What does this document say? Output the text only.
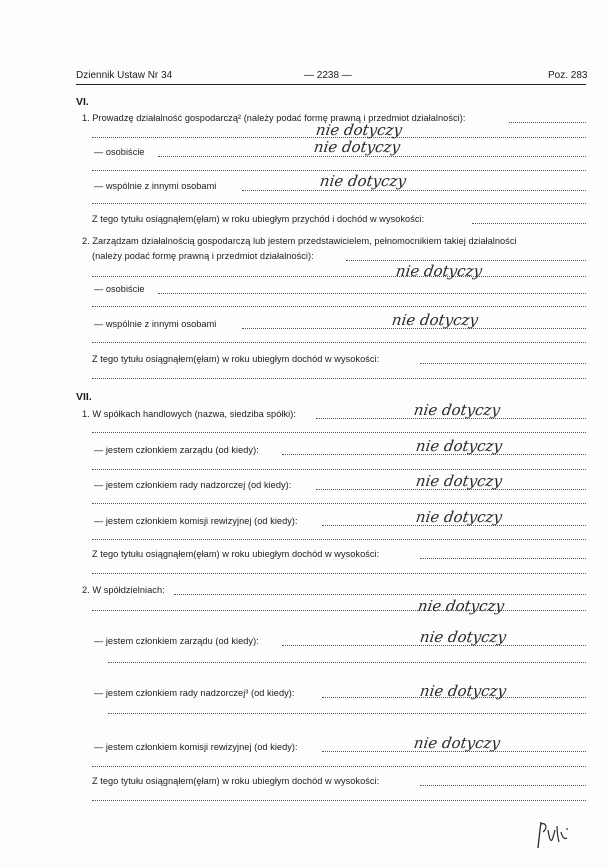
Dziennik Ustaw Nr 34	— 2238 —	Poz. 283
VI.
1. Prowadzę działalność gospodarczą² (należy podać formę prawną i przedmiot działalności):
nie dotyczy
— osobiście	nie dotyczy
— wspólnie z innymi osobami	nie dotyczy
Z tego tytułu osiągnąłem(ęłam) w roku ubiegłym przychód i dochód w wysokości:
2. Zarządzam działalnością gospodarczą lub jestem przedstawicielem, pełnomocnikiem takiej działalności
(należy podać formę prawną i przedmiot działalności):
nie dotyczy
— osobiście
— wspólnie z innymi osobami	nie dotyczy
Z tego tytułu osiągnąłem(ęłam) w roku ubiegłym dochód w wysokości:
VII.
1. W spółkach handlowych (nazwa, siedziba spółki):	nie dotyczy
— jestem członkiem zarządu (od kiedy):	nie dotyczy
— jestem członkiem rady nadzorczej (od kiedy):	nie dotyczy
— jestem członkiem komisji rewizyjnej (od kiedy):	nie dotyczy
Z tego tytułu osiągnąłem(ęłam) w roku ubiegłym dochód w wysokości:
2. W spółdzielniach:
nie dotyczy
— jestem członkiem zarządu (od kiedy):	nie dotyczy
— jestem członkiem rady nadzorczej³ (od kiedy):	nie dotyczy
— jestem członkiem komisji rewizyjnej (od kiedy):	nie dotyczy
Z tego tytułu osiągnąłem(ęłam) w roku ubiegłym dochód w wysokości:
